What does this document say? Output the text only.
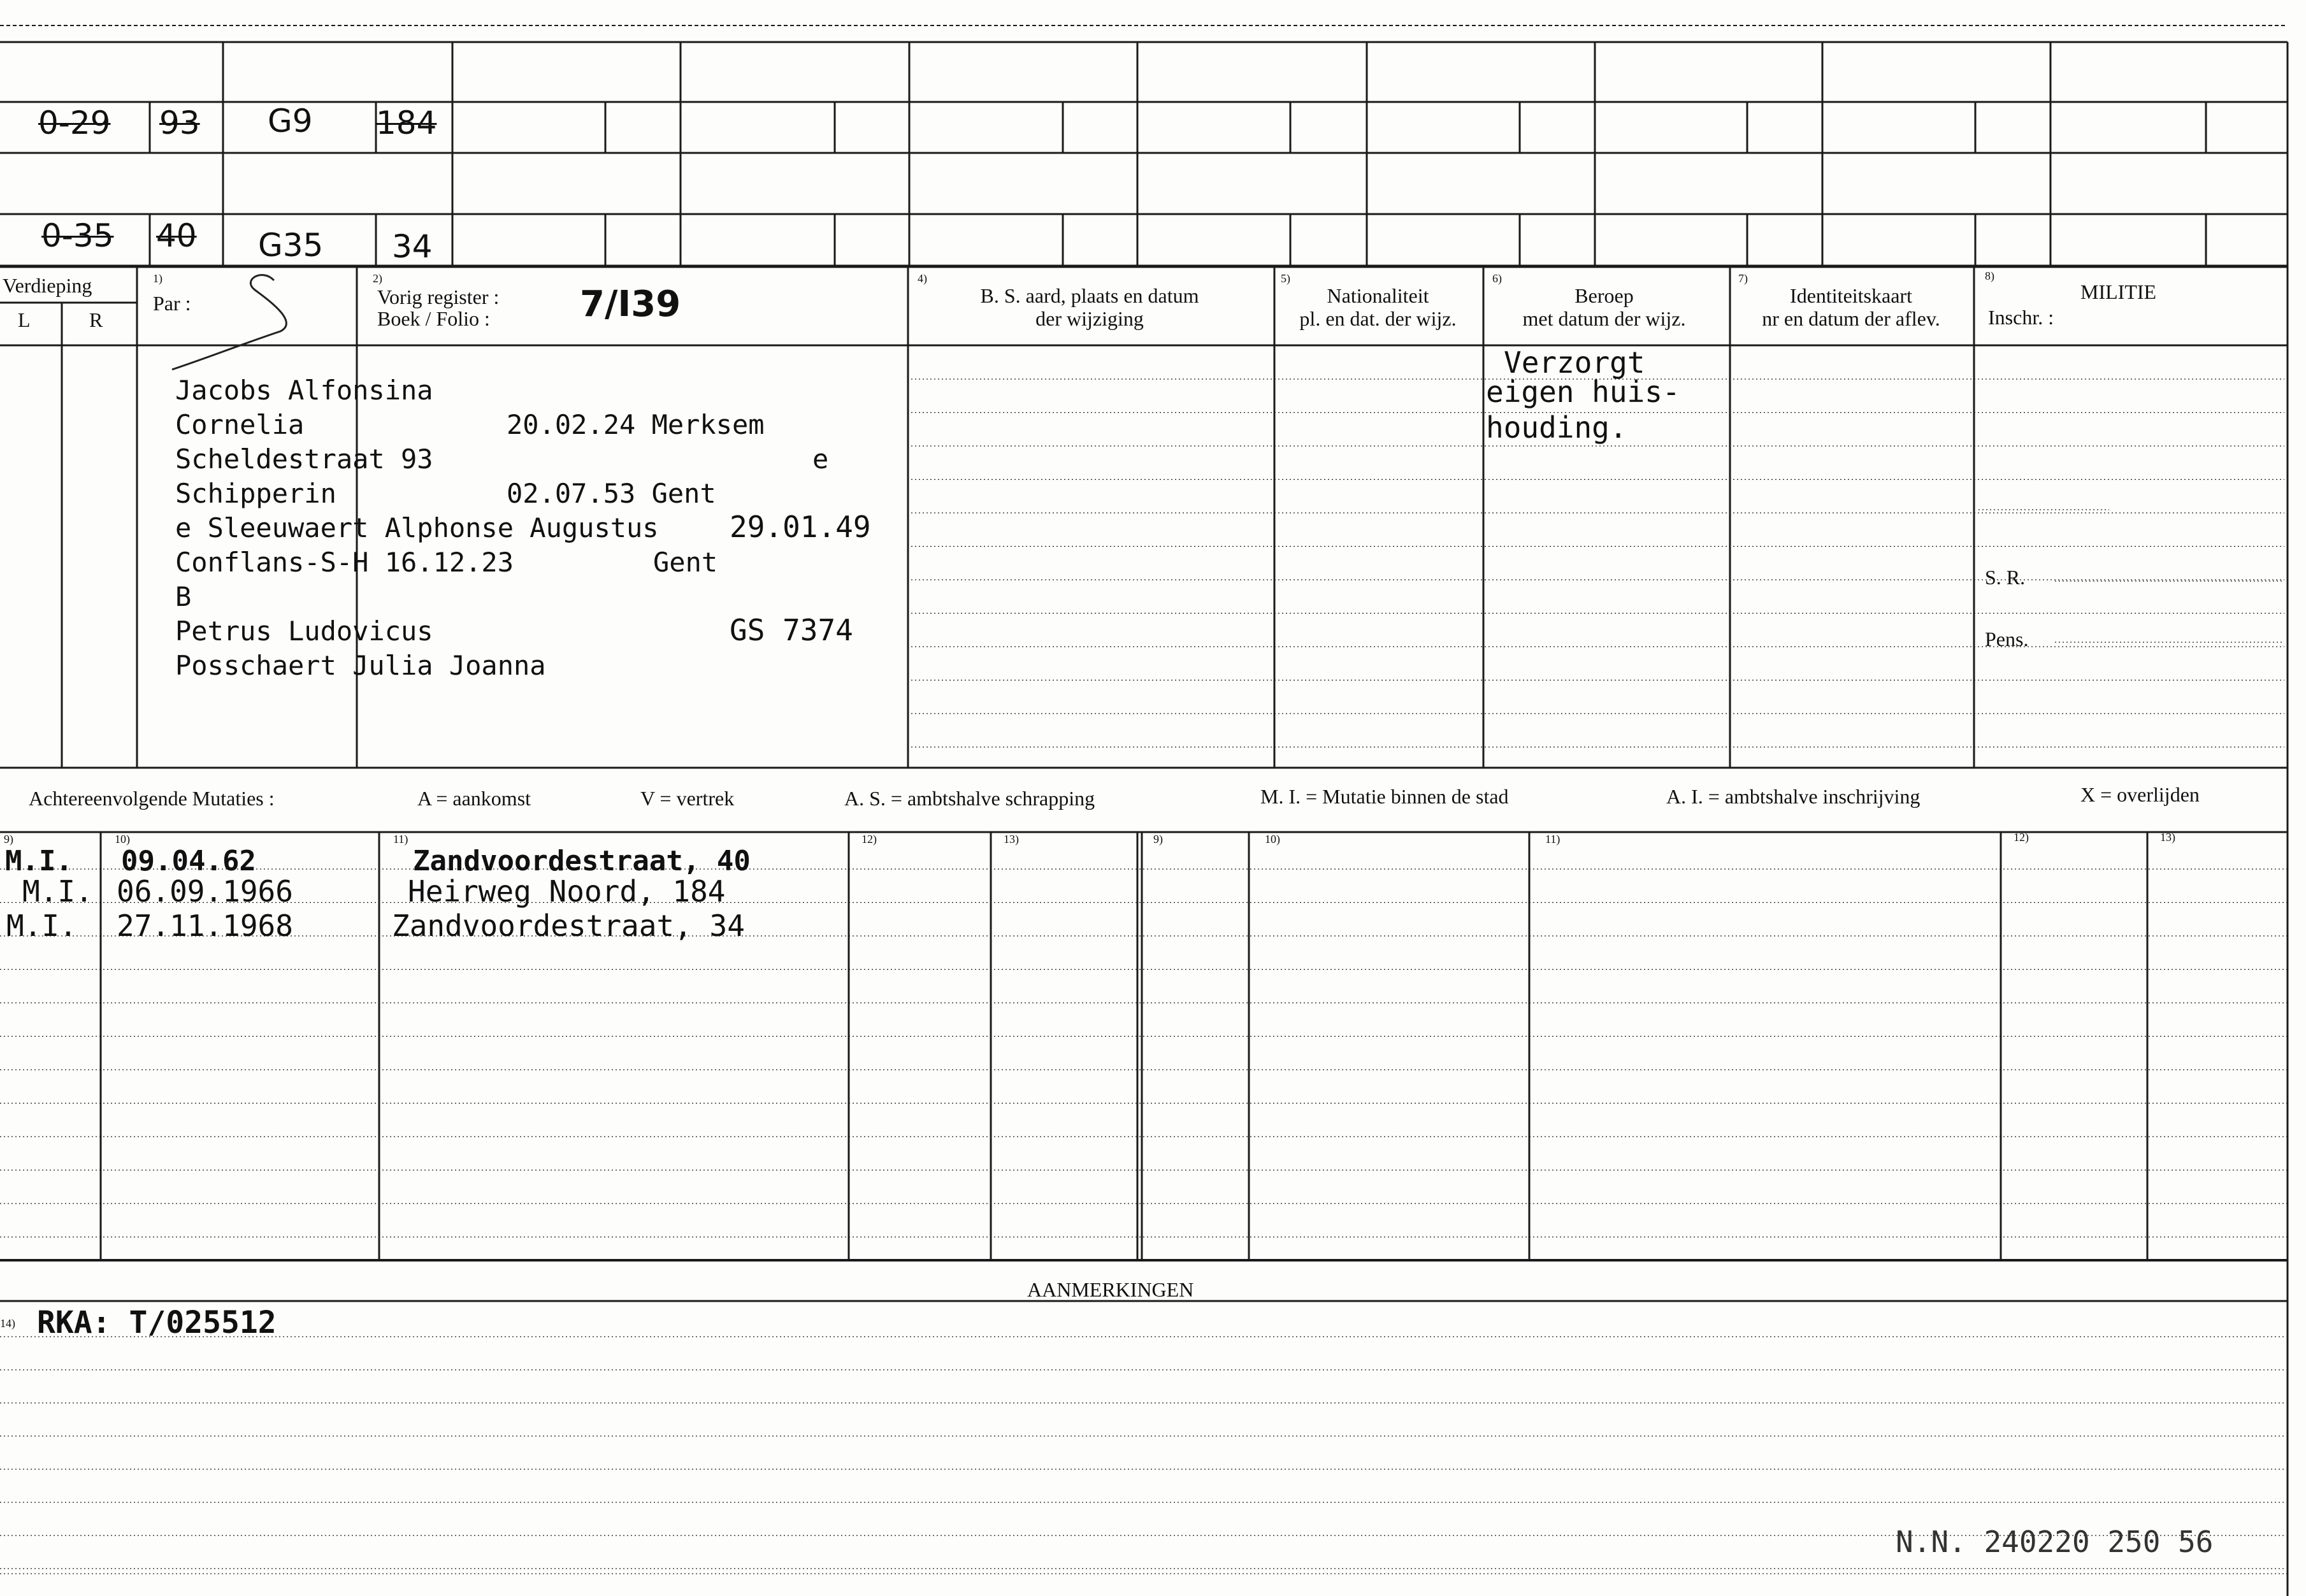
0-29 93 G9 184
0-35 40 G35 34
Verdieping
L	R
1)
Par :
2)
Vorig register :
Boek / Folio :	7/I39
4)
B. S. aard, plaats en datum
der wijziging
5)
Nationaliteit
pl. en dat. der wijz.
6)
Beroep
met datum der wijz.
7)
Identiteitskaart
nr en datum der aflev.
8)
MILITIE
Inschr. :
S. R.
Pens.
Jacobs Alfonsina
Cornelia	20.02.24 Merksem
Scheldestraat 93	e
Schipperin	02.07.53 Gent
e Sleeuwaert Alphonse Augustus 29.01.49
Conflans-S-H 16.12.23	Gent
B
Petrus Ludovicus	GS 7374
Posschaert Julia Joanna
Verzorgt
eigen huis-
houding.
Achtereenvolgende Mutaties :	A = aankomst	V = vertrek	A. S. = ambtshalve schrapping	M. I. = Mutatie binnen de stad	A. I. = ambtshalve inschrijving	X = overlijden
9)	10)	11)	12)	13)	9)	10)	11)	12)	13)
M.I. 09.04.62	Zandvoordestraat, 40
M.I. 06.09.1966	Heirweg Noord, 184
M.I. 27.11.1968	Zandvoordestraat, 34
AANMERKINGEN
14) RKA: T/025512
N.N. 240220 250 56
